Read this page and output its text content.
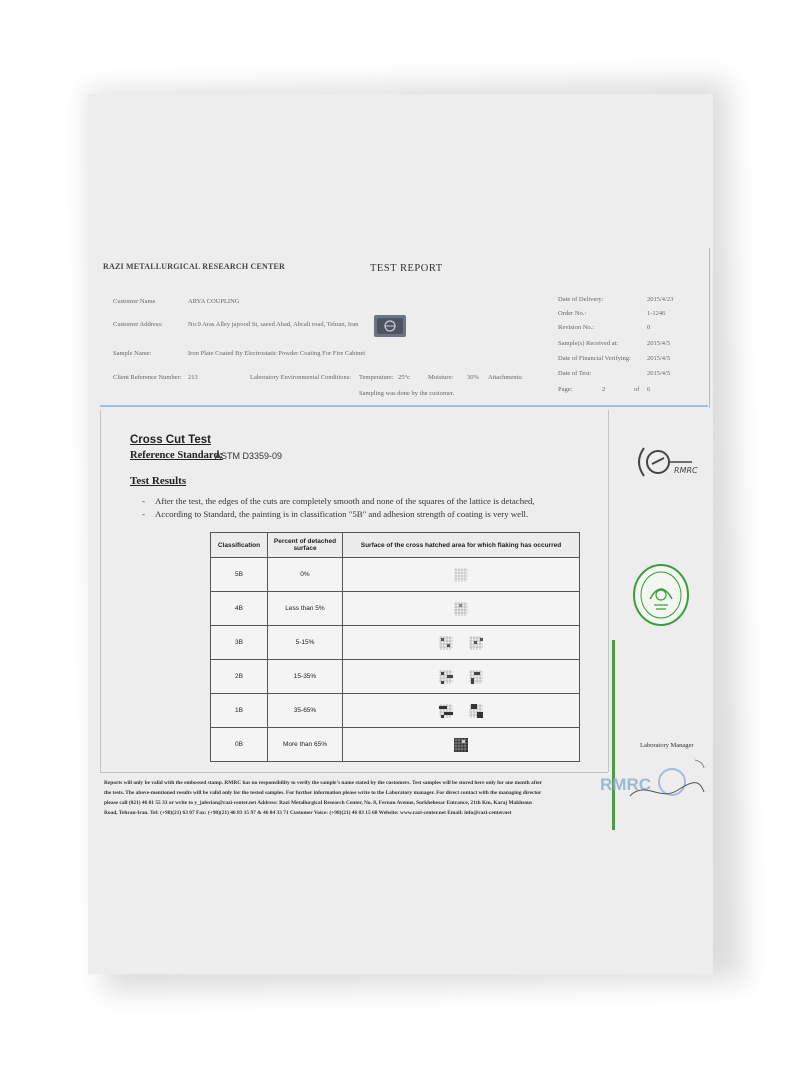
RAZI METALLURGICAL RESEARCH CENTER	TEST REPORT
Customer Name	ARYA COUPLING
Customer Address:	No.9 Aras Alley jajrood St, saeed Abad, Abcali road, Tehran, Iran
Sample Name:	Iron Plate Coated By Electrostatic Powder Coating For Fire Cabinet
Client Reference Number: 213	Laboratory Environmental Conditions: Temperature: 25°c	Moisture: 30% Attachments:
Sampling was done by the customer.
Date of Delivery:	2015/4/23
Order No.:	1-1246
Revision No.:	0
Sample(s) Received at:	2015/4/5
Date of Financial Verifying: 2015/4/5
Date of Test:	2015/4/5
Page:	2	of 6
Cross Cut Test
Reference Standard:
ASTM D3359-09
Test Results
- After the test, the edges of the cuts are completely smooth and none of the squares of the lattice is detached,
- According to Standard, the painting is in classification "5B" and adhesion strength of coating is very well.
Classification	Percent of detached surface	Surface of the cross hatched area for which flaking has occurred
5B	0%	
4B	Less than 5%	
3B	5-15%	
2B	15-35%	
1B	35-65%	
0B	More than 65%	
RMRC
Laboratory Manager
RMRC
Reports will only be valid with the embossed stamp. RMRC has no responsibility to verify the sample's name stated by the customers. Test samples will be stored here only for one month after
the tests. The above-mentioned results will be valid only for the tested samples. For further information please write to the Laboratory manager. For direct contact with the managing director
please call (021) 46 81 55 33 or write to y_jaferian@razi-center.net Address: Razi Metallurgical Research Center, No. 8, Fernan Avenue, Sorkhehesar Entrance, 21th Km, Karaj Makhsous
Road, Tehran-Iran. Tel: (+98)(21) 63 07 Fax: (+98)(21) 46 83 15 97 & 46 84 33 71 Customer Voice: (+98)(21) 46 83 15 68 Website: www.razi-center.net Email: info@razi-center.net
